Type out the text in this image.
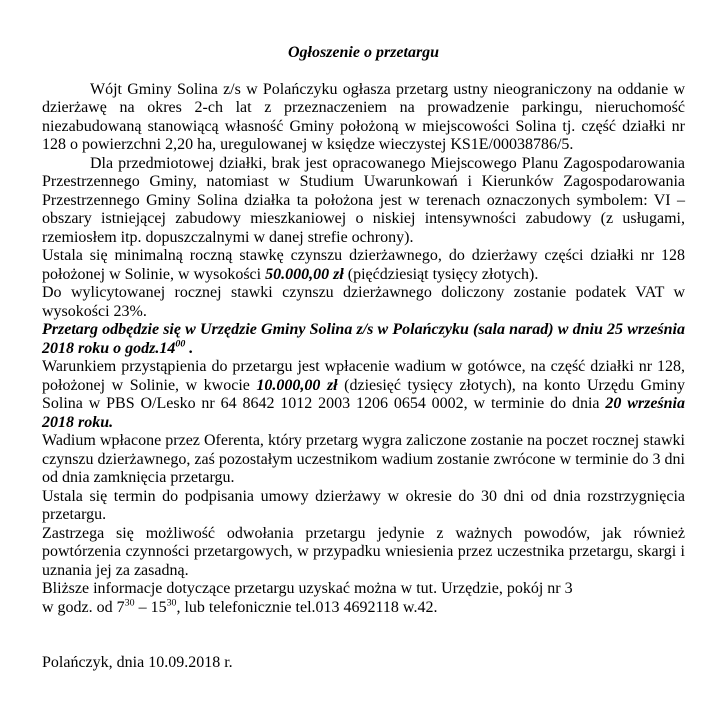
Ogłoszenie o przetargu

Wójt Gminy Solina z/s w Polańczyku ogłasza przetarg ustny nieograniczony na oddanie w dzierżawę na okres 2-ch lat z przeznaczeniem na prowadzenie parkingu, nieruchomość niezabudowaną stanowiącą własność Gminy położoną w miejscowości Solina tj. część działki nr 128 o powierzchni 2,20 ha, uregulowanej w księdze wieczystej KS1E/00038786/5.

Dla przedmiotowej działki, brak jest opracowanego Miejscowego Planu Zagospodarowania Przestrzennego Gminy, natomiast w Studium Uwarunkowań i Kierunków Zagospodarowania Przestrzennego Gminy Solina działka ta położona jest w terenach oznaczonych symbolem: VI – obszary istniejącej zabudowy mieszkaniowej o niskiej intensywności zabudowy (z usługami, rzemiosłem itp. dopuszczalnymi w danej strefie ochrony).

Ustala się minimalną roczną stawkę czynszu dzierżawnego, do dzierżawy części działki nr 128 położonej w Solinie, w wysokości 50.000,00 zł (pięćdziesiąt tysięcy złotych).

Do wylicytowanej rocznej stawki czynszu dzierżawnego doliczony zostanie podatek VAT w wysokości 23%.

Przetarg odbędzie się w Urzędzie Gminy Solina z/s w Polańczyku (sala narad) w dniu 25 września 2018 roku o $godz.14^{00}$ .

Warunkiem przystąpienia do przetargu jest wpłacenie wadium w gotówce, na część działki nr 128, położonej w Solinie, w kwocie 10.000,00 zł (dziesięć tysięcy złotych), na konto Urzędu Gminy Solina w PBS O/Lesko nr 64 8642 1012 2003 1206 0654 0002, w terminie do dnia 20 września 2018 roku.

Wadium wpłacone przez Oferenta, który przetarg wygra zaliczone zostanie na poczet rocznej stawki czynszu dzierżawnego, zaś pozostałym uczestnikom wadium zostanie zwrócone w terminie do 3 dni od dnia zamknięcia przetargu.

Ustala się termin do podpisania umowy dzierżawy w okresie do 30 dni od dnia rozstrzygnięcia przetargu.

Zastrzega się możliwość odwołania przetargu jedynie z ważnych powodów, jak również powtórzenia czynności przetargowych, w przypadku wniesienia przez uczestnika przetargu, skargi i uznania jej za zasadną.

Bliższe informacje dotyczące przetargu uzyskać można w tut. Urzędzie, pokój nr 3

w godz. od $7^{30} - 15^{30}$, lub telefonicznie tel.013 4692118 w.42.

Polańczyk, dnia 10.09.2018 r.
